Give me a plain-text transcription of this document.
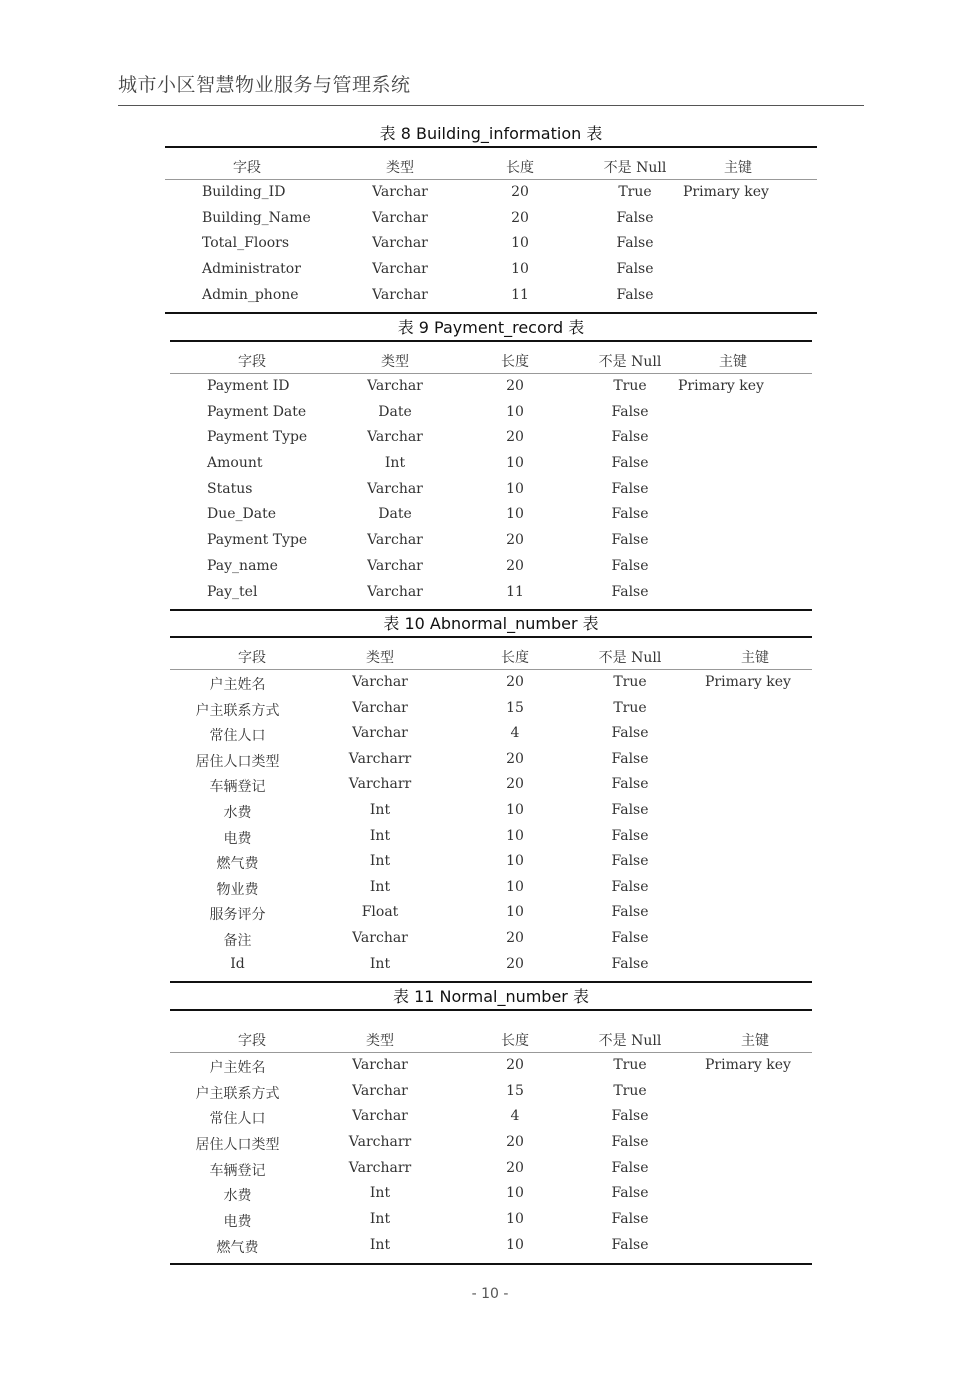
城市小区智慧物业服务与管理系统
表 8 Building_information 表
字段	类型	长度	不是 Null	主键
Building_ID	Varchar	20	True	Primary key
Building_Name	Varchar	20	False
Total_Floors	Varchar	10	False
Administrator	Varchar	10	False
Admin_phone	Varchar	11	False
表 9 Payment_record 表
字段	类型	长度	不是 Null	主键
Payment ID	Varchar	20	True	Primary key
Payment Date	Date	10	False
Payment Type	Varchar	20	False
Amount	Int	10	False
Status	Varchar	10	False
Due_Date	Date	10	False
Payment Type	Varchar	20	False
Pay_name	Varchar	20	False
Pay_tel	Varchar	11	False
表 10 Abnormal_number 表
字段	类型	长度	不是 Null	主键
户主姓名	Varchar	20	True	Primary key
户主联系方式	Varchar	15	True
常住人口	Varchar	4	False
居住人口类型	Varcharr	20	False
车辆登记	Varcharr	20	False
水费	Int	10	False
电费	Int	10	False
燃气费	Int	10	False
物业费	Int	10	False
服务评分	Float	10	False
备注	Varchar	20	False
Id	Int	20	False
表 11 Normal_number 表
字段	类型	长度	不是 Null	主键
户主姓名	Varchar	20	True	Primary key
户主联系方式	Varchar	15	True
常住人口	Varchar	4	False
居住人口类型	Varcharr	20	False
车辆登记	Varcharr	20	False
水费	Int	10	False
电费	Int	10	False
燃气费	Int	10	False
- 10 -
